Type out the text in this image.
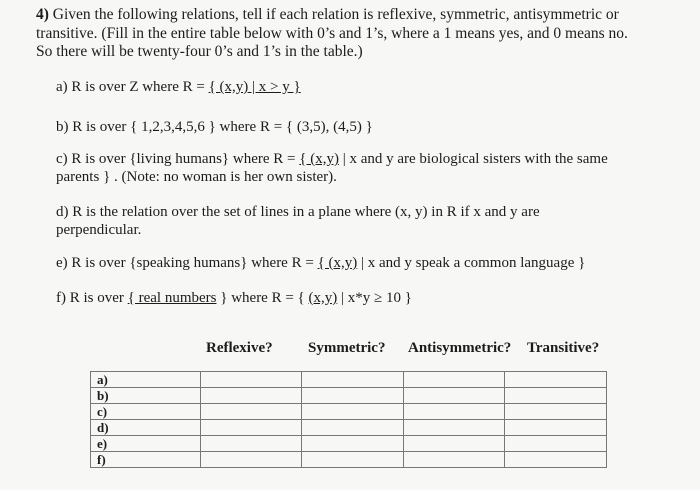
4) Given the following relations, tell if each relation is reflexive, symmetric, antisymmetric or transitive. (Fill in the entire table below with 0’s and 1’s, where a 1 means yes, and 0 means no. So there will be twenty-four 0’s and 1’s in the table.)
a) R is over Z where R = { (x,y) | x > y }
b) R is over { 1,2,3,4,5,6 } where R = { (3,5), (4,5) }
c) R is over {living humans} where R = { (x,y) | x and y are biological sisters with the same parents } . (Note: no woman is her own sister).
d) R is the relation over the set of lines in a plane where (x, y) in R if x and y are perpendicular.
e) R is over {speaking humans} where R = { (x,y) | x and y speak a common language }
f) R is over { real numbers } where R = { (x,y) | x*y ≥ 10 }
Reflexive? Symmetric? Antisymmetric? Transitive?
a)				
b)				
c)				
d)				
e)				
f)				
